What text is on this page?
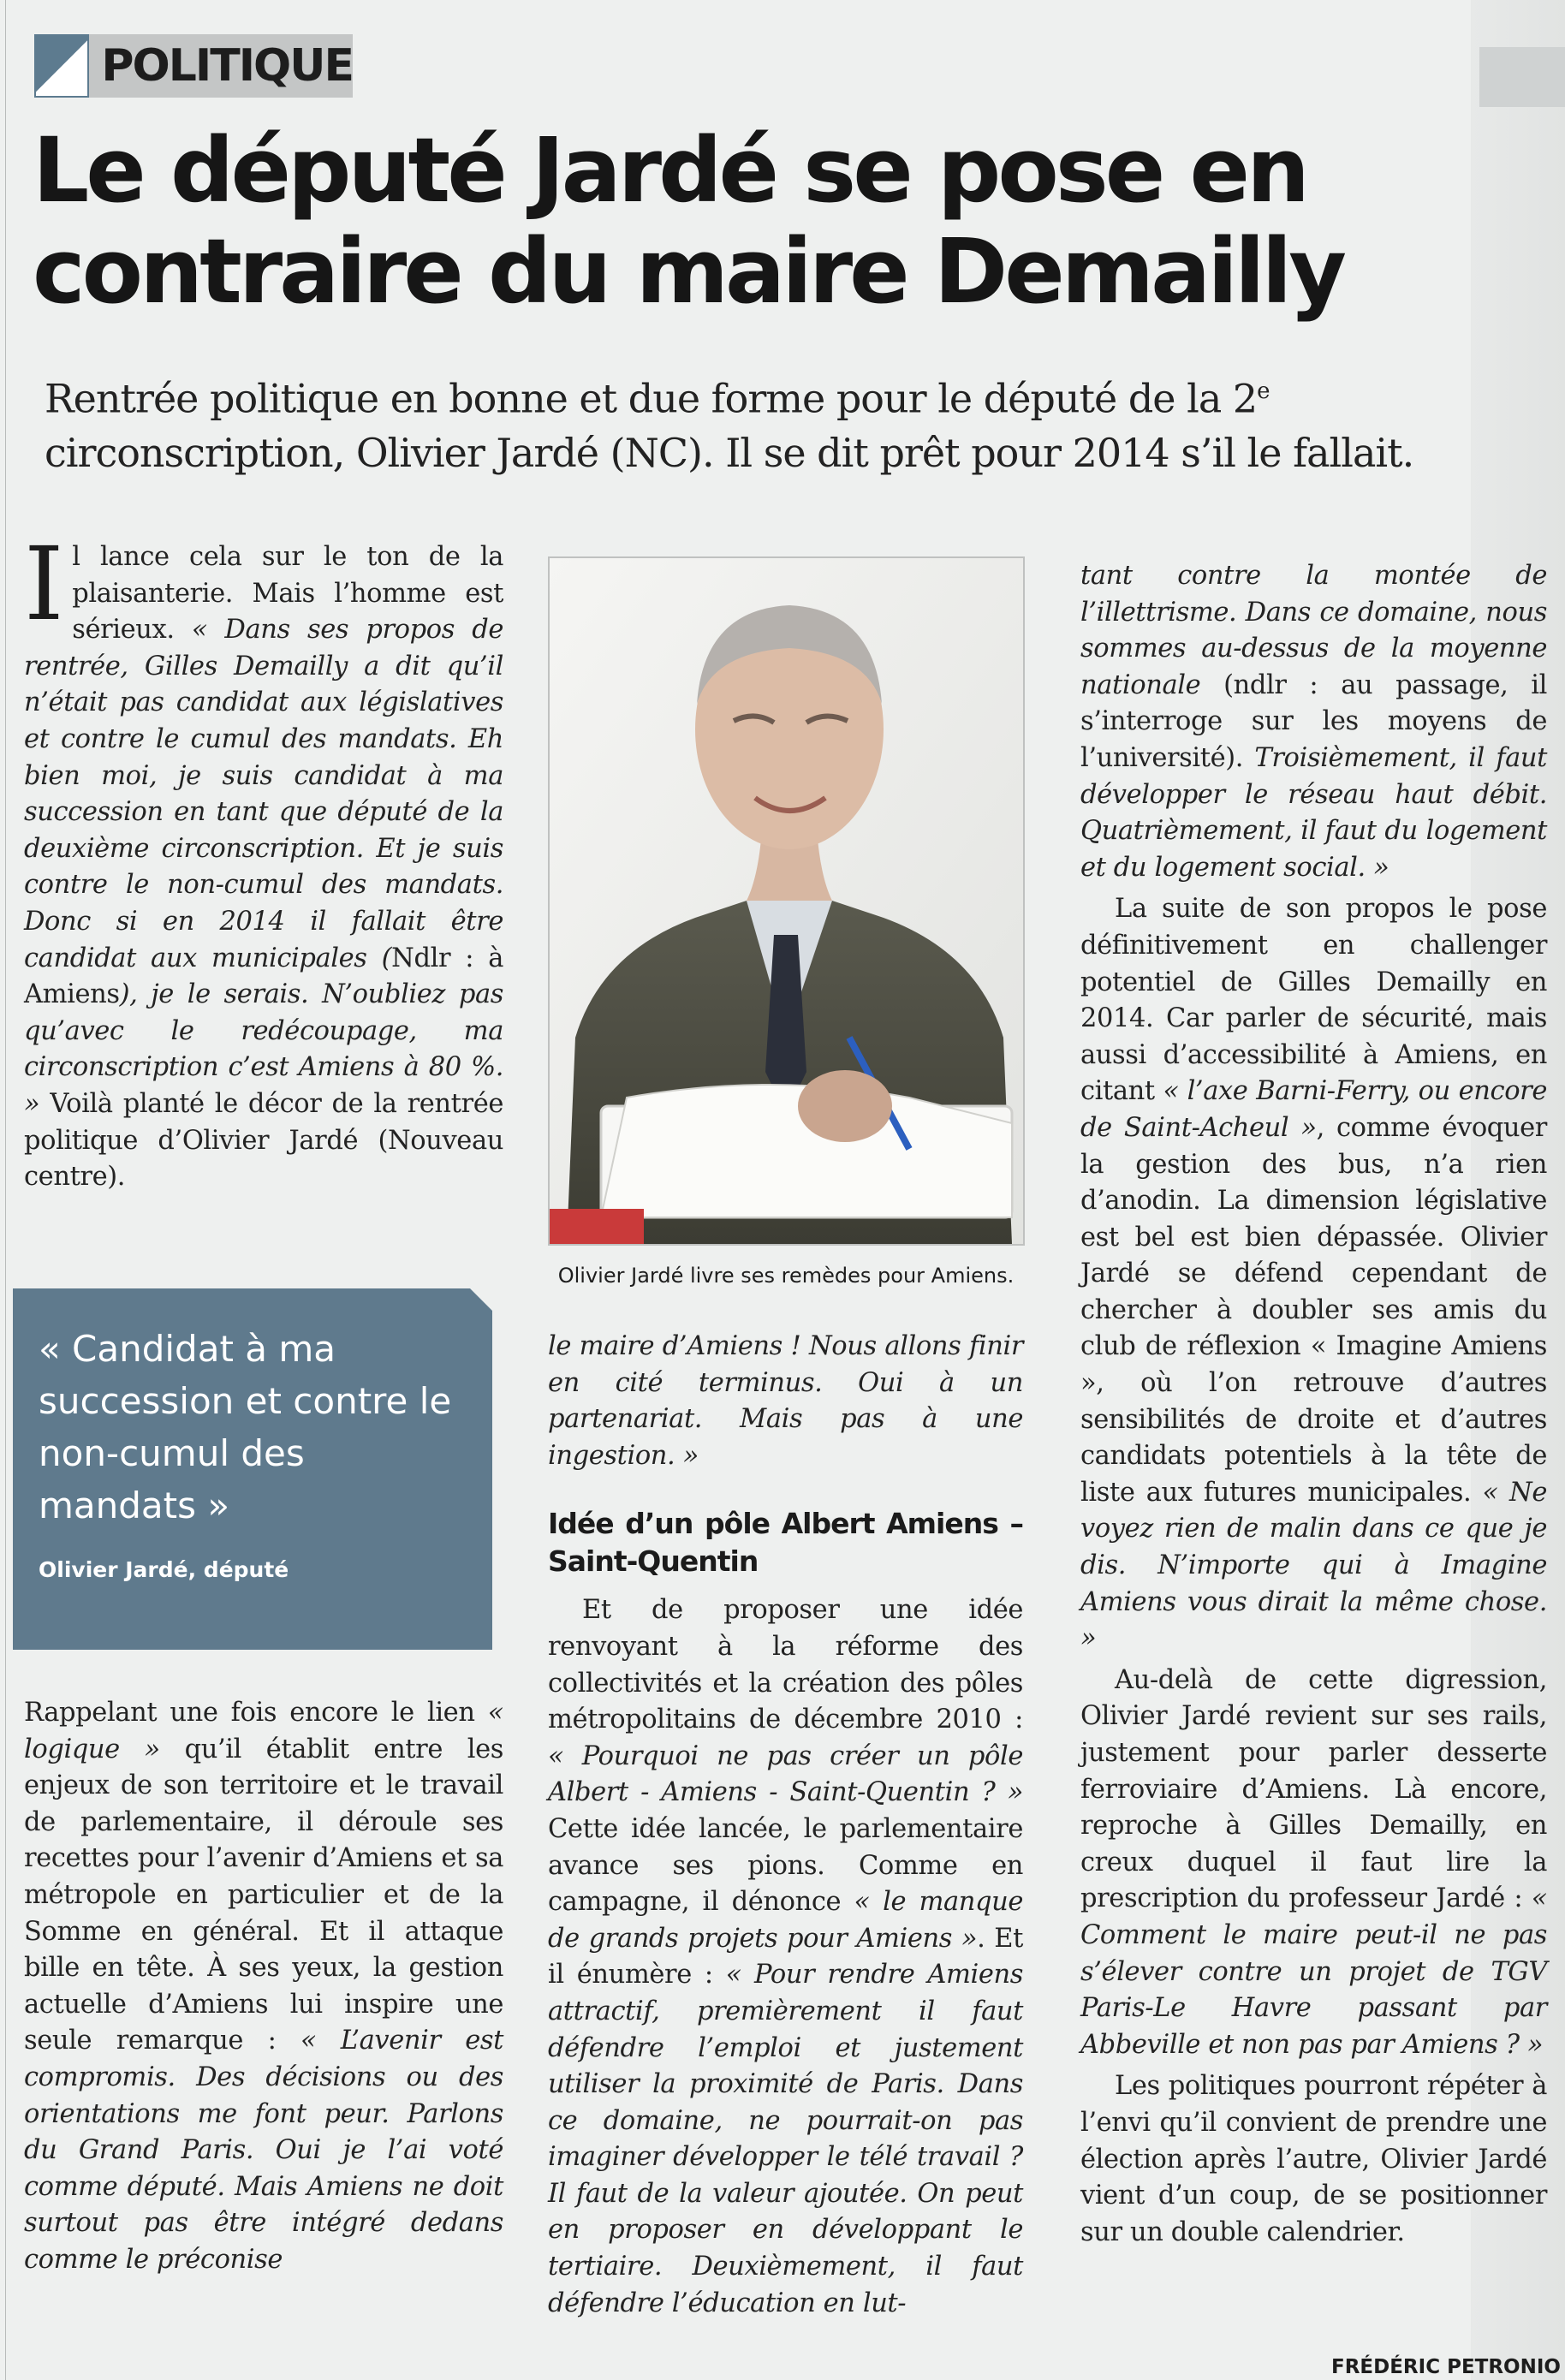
POLITIQUE
Le député Jardé se pose en contraire du maire Demailly

Rentrée politique en bonne et due forme pour le député de la 2e circonscription, Olivier Jardé (NC). Il se dit prêt pour 2014 s’il le fallait.

Il lance cela sur le ton de la plaisanterie. Mais l’homme est sérieux. « Dans ses propos de rentrée, Gilles Demailly a dit qu’il n’était pas candidat aux législatives et contre le cumul des mandats. Eh bien moi, je suis candidat à ma succession en tant que député de la deuxième circonscription. Et je suis contre le non-cumul des mandats. Donc si en 2014 il fallait être candidat aux municipales (Ndlr : à Amiens), je le serais. N’oubliez pas qu’avec le redécoupage, ma circonscription c’est Amiens à 80 %. » Voilà planté le décor de la rentrée politique d’Olivier Jardé (Nouveau centre).

Olivier Jardé livre ses remèdes pour Amiens.
« Candidat à ma succession et contre le non-cumul des mandats »
Olivier Jardé, député

Rappelant une fois encore le lien « logique » qu’il établit entre les enjeux de son territoire et le travail de parlementaire, il déroule ses recettes pour l’avenir d’Amiens et sa métropole en particulier et de la Somme en général. Et il attaque bille en tête. À ses yeux, la gestion actuelle d’Amiens lui inspire une seule remarque : « L’avenir est compromis. Des décisions ou des orientations me font peur. Parlons du Grand Paris. Oui je l’ai voté comme député. Mais Amiens ne doit surtout pas être intégré dedans comme le préconise

le maire d’Amiens ! Nous allons finir en cité terminus. Oui à un partenariat. Mais pas à une ingestion. »

Idée d’un pôle Albert Amiens – Saint-Quentin

Et de proposer une idée renvoyant à la réforme des collectivités et la création des pôles métropolitains de décembre 2010 : « Pourquoi ne pas créer un pôle Albert - Amiens - Saint-Quentin ? » Cette idée lancée, le parlementaire avance ses pions. Comme en campagne, il dénonce « le manque de grands projets pour Amiens ». Et il énumère : « Pour rendre Amiens attractif, premièrement il faut défendre l’emploi et justement utiliser la proximité de Paris. Dans ce domaine, ne pourrait-on pas imaginer développer le télé travail ? Il faut de la valeur ajoutée. On peut en proposer en développant le tertiaire. Deuxièmement, il faut défendre l’éducation en lut-

tant contre la montée de l’illettrisme. Dans ce domaine, nous sommes au-dessus de la moyenne nationale (ndlr : au passage, il s’interroge sur les moyens de l’université). Troisièmement, il faut développer le réseau haut débit. Quatrièmement, il faut du logement et du logement social. »

La suite de son propos le pose définitivement en challenger potentiel de Gilles Demailly en 2014. Car parler de sécurité, mais aussi d’accessibilité à Amiens, en citant « l’axe Barni-Ferry, ou encore de Saint-Acheul », comme évoquer la gestion des bus, n’a rien d’anodin. La dimension législative est bel est bien dépassée. Olivier Jardé se défend cependant de chercher à doubler ses amis du club de réflexion « Imagine Amiens », où l’on retrouve d’autres sensibilités de droite et d’autres candidats potentiels à la tête de liste aux futures municipales. « Ne voyez rien de malin dans ce que je dis. N’importe qui à Imagine Amiens vous dirait la même chose. »

Au-delà de cette digression, Olivier Jardé revient sur ses rails, justement pour parler desserte ferroviaire d’Amiens. Là encore, reproche à Gilles Demailly, en creux duquel il faut lire la prescription du professeur Jardé : « Comment le maire peut-il ne pas s’élever contre un projet de TGV Paris-Le Havre passant par Abbeville et non pas par Amiens ? »

Les politiques pourront répéter à l’envi qu’il convient de prendre une élection après l’autre, Olivier Jardé vient d’un coup, de se positionner sur un double calendrier.

FRÉDÉRIC PETRONIO
